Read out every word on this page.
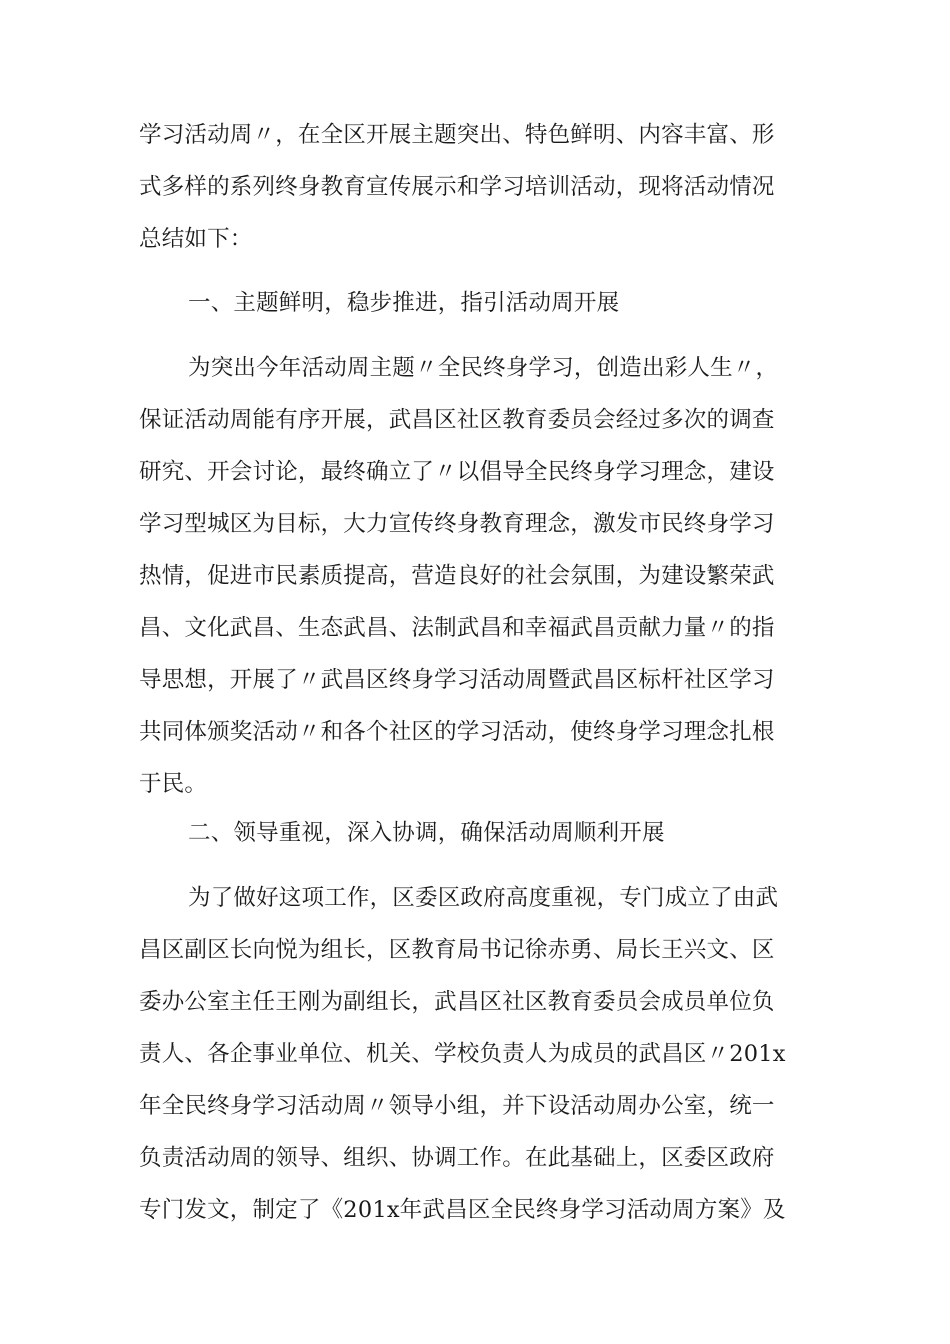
学习活动周〃，在全区开展主题突出、特色鲜明、内容丰富、形
式多样的系列终身教育宣传展示和学习培训活动，现将活动情况
总结如下：
一、主题鲜明，稳步推进，指引活动周开展
为突出今年活动周主题〃全民终身学习，创造出彩人生〃，
保证活动周能有序开展，武昌区社区教育委员会经过多次的调查
研究、开会讨论，最终确立了〃以倡导全民终身学习理念，建设
学习型城区为目标，大力宣传终身教育理念，激发市民终身学习
热情，促进市民素质提高，营造良好的社会氛围，为建设繁荣武
昌、文化武昌、生态武昌、法制武昌和幸福武昌贡献力量〃的指
导思想，开展了〃武昌区终身学习活动周暨武昌区标杆社区学习
共同体颁奖活动〃和各个社区的学习活动，使终身学习理念扎根
于民。
二、领导重视，深入协调，确保活动周顺利开展
为了做好这项工作，区委区政府高度重视，专门成立了由武
昌区副区长向悦为组长，区教育局书记徐赤勇、局长王兴文、区
委办公室主任王刚为副组长，武昌区社区教育委员会成员单位负
责人、各企事业单位、机关、学校负责人为成员的武昌区〃201x
年全民终身学习活动周〃领导小组，并下设活动周办公室，统一
负责活动周的领导、组织、协调工作。在此基础上，区委区政府
专门发文，制定了《201x年武昌区全民终身学习活动周方案》及
